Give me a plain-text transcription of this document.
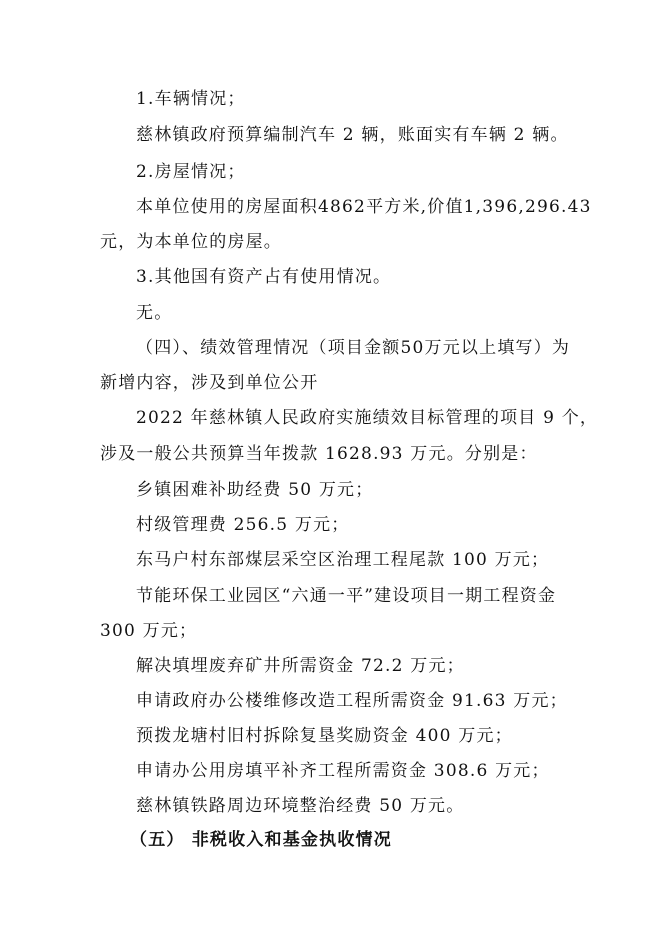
1.车辆情况；
慈林镇政府预算编制汽车 2 辆，账面实有车辆 2 辆。
2.房屋情况；
本单位使用的房屋面积4862平方米,价值1,396,296.43
元，为本单位的房屋。
3.其他国有资产占有使用情况。
无。
（四）、绩效管理情况（项目金额50万元以上填写）为
新增内容，涉及到单位公开
2022 年慈林镇人民政府实施绩效目标管理的项目 9 个，
涉及一般公共预算当年拨款 1628.93 万元。分别是：
乡镇困难补助经费 50 万元；
村级管理费 256.5 万元；
东马户村东部煤层采空区治理工程尾款 100 万元；
节能环保工业园区“六通一平”建设项目一期工程资金
300 万元；
解决填埋废弃矿井所需资金 72.2 万元；
申请政府办公楼维修改造工程所需资金 91.63 万元；
预拨龙塘村旧村拆除复垦奖励资金 400 万元；
申请办公用房填平补齐工程所需资金 308.6 万元；
慈林镇铁路周边环境整治经费 50 万元。
（五） 非税收入和基金执收情况
